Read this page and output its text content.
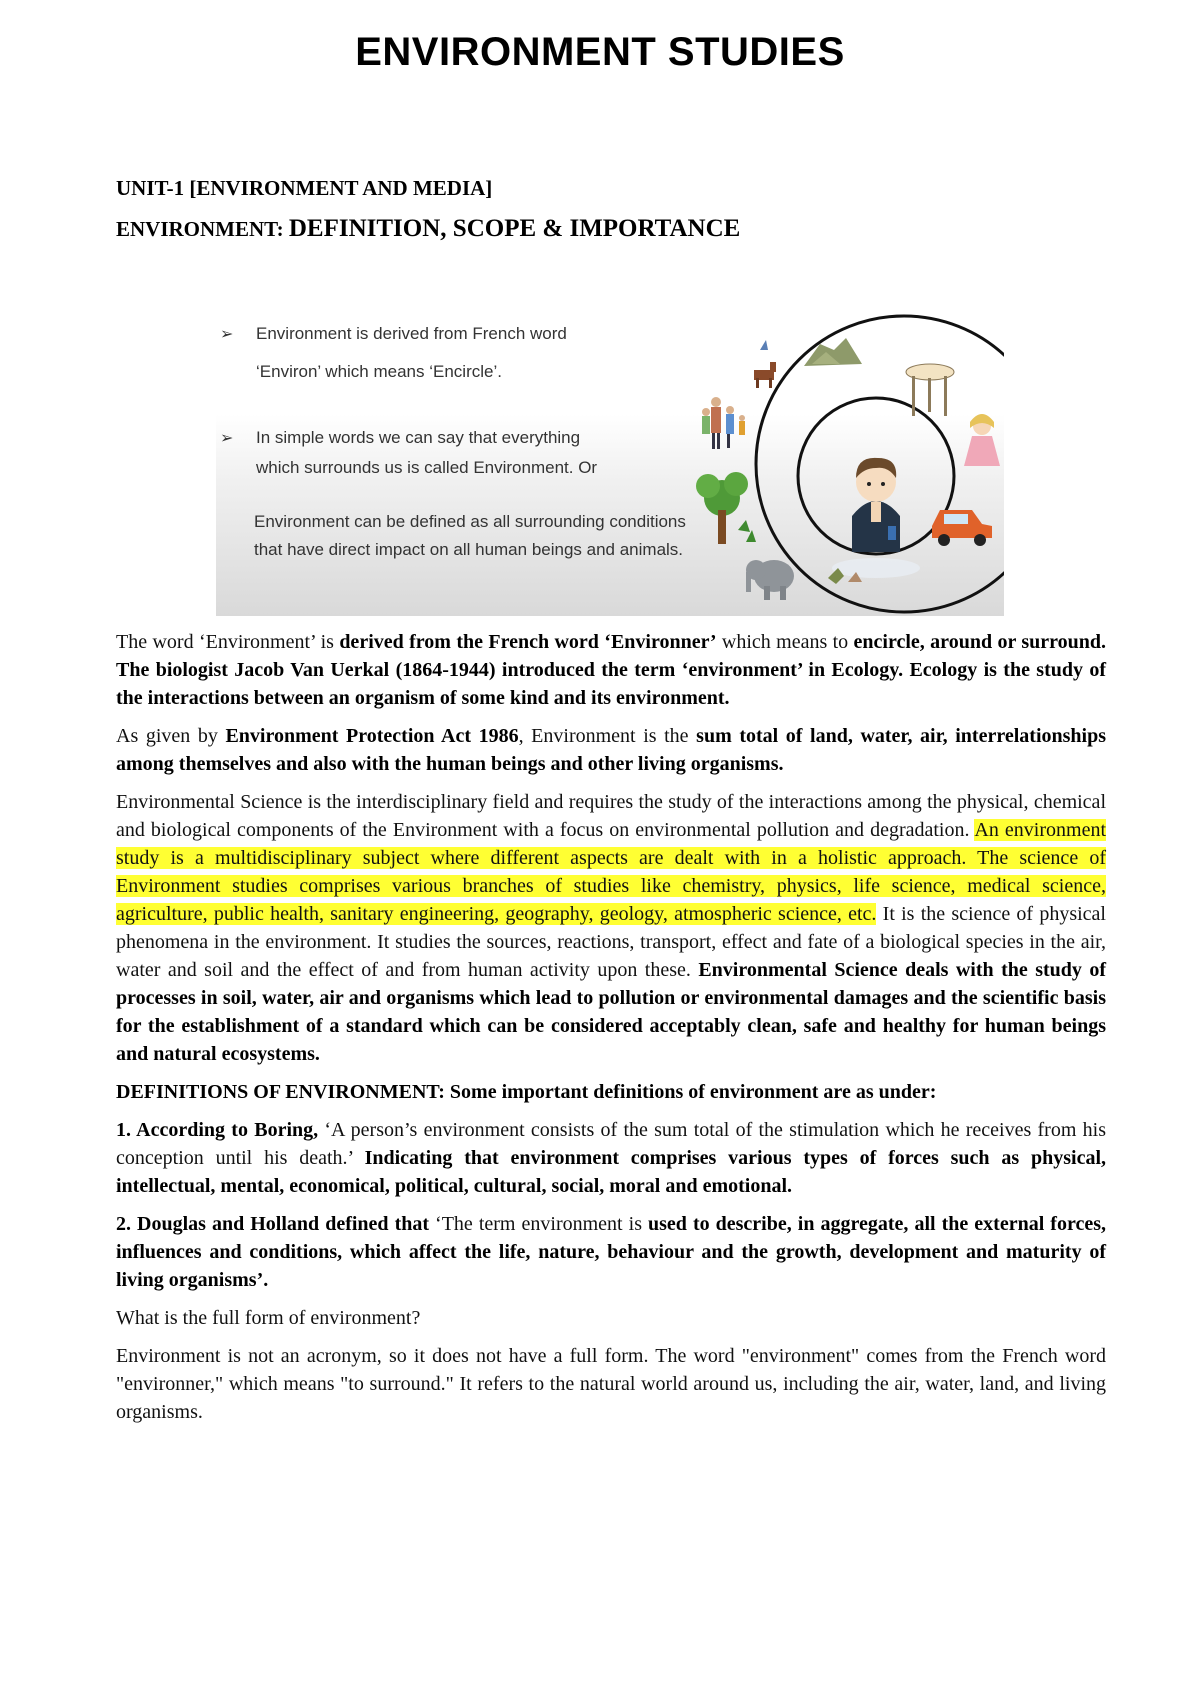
ENVIRONMENT STUDIES
UNIT-1 [ENVIRONMENT AND MEDIA]
ENVIRONMENT: DEFINITION, SCOPE & IMPORTANCE
➢ Environment is derived from French word
‘Environ’ which means ‘Encircle’.
➢ In simple words we can say that everything
which surrounds us is called Environment. Or
Environment can be defined as all surrounding conditions
that have direct impact on all human beings and animals.

The word ‘Environment’ is derived from the French word ‘Environner’ which means to encircle, around or surround. The biologist Jacob Van Uerkal (1864-1944) introduced the term ‘environment’ in Ecology. Ecology is the study of the interactions between an organism of some kind and its environment.

As given by Environment Protection Act 1986, Environment is the sum total of land, water, air, interrelationships among themselves and also with the human beings and other living organisms.

Environmental Science is the interdisciplinary field and requires the study of the interactions among the physical, chemical and biological components of the Environment with a focus on environmental pollution and degradation. An environment study is a multidisciplinary subject where different aspects are dealt with in a holistic approach. The science of Environment studies comprises various branches of studies like chemistry, physics, life science, medical science, agriculture, public health, sanitary engineering, geography, geology, atmospheric science, etc. It is the science of physical phenomena in the environment. It studies the sources, reactions, transport, effect and fate of a biological species in the air, water and soil and the effect of and from human activity upon these. Environmental Science deals with the study of processes in soil, water, air and organisms which lead to pollution or environmental damages and the scientific basis for the establishment of a standard which can be considered acceptably clean, safe and healthy for human beings and natural ecosystems.

DEFINITIONS OF ENVIRONMENT: Some important definitions of environment are as under:

1. According to Boring, ‘A person’s environment consists of the sum total of the stimulation which he receives from his conception until his death.’ Indicating that environment comprises various types of forces such as physical, intellectual, mental, economical, political, cultural, social, moral and emotional.

2. Douglas and Holland defined that ‘The term environment is used to describe, in aggregate, all the external forces, influences and conditions, which affect the life, nature, behaviour and the growth, development and maturity of living organisms’.

What is the full form of environment?

Environment is not an acronym, so it does not have a full form. The word "environment" comes from the French word "environner," which means "to surround." It refers to the natural world around us, including the air, water, land, and living organisms.
